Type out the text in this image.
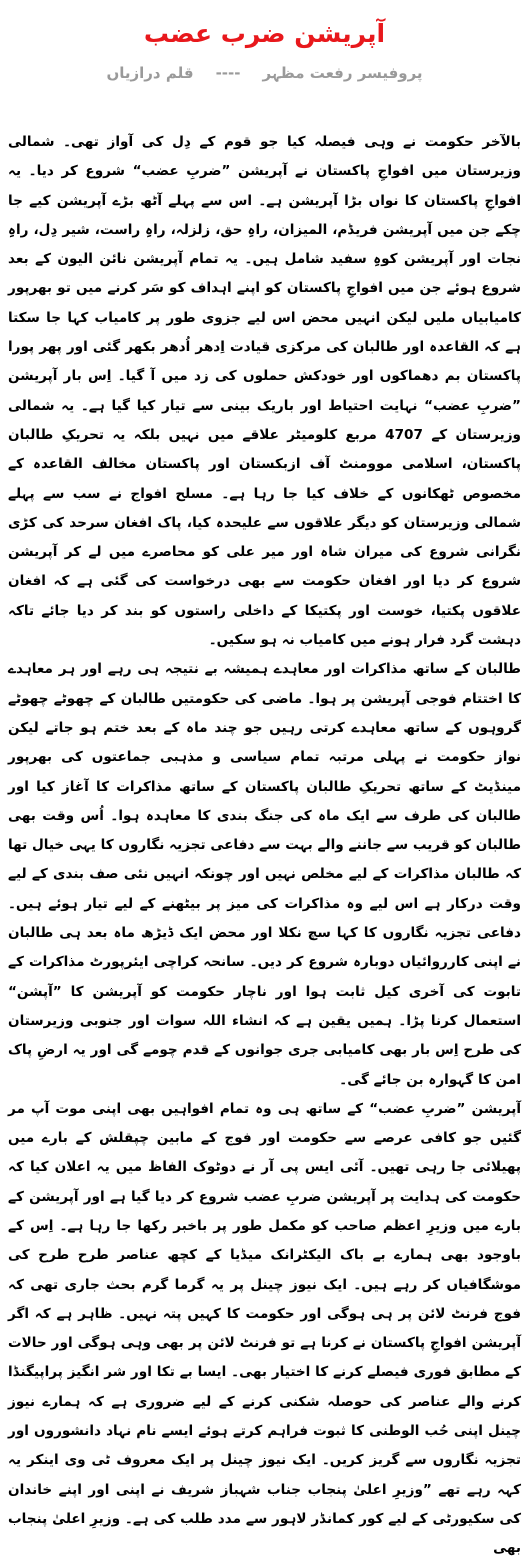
آپریشن ضرب عضب
پروفیسر رفعت مظہر
----
قلم درازیاں

بالآخر حکومت نے وہی فیصلہ کیا جو قوم کے دِل کی آواز تھی۔ شمالی وزیرستان میں افواجِ پاکستان نے آپریشن ”ضربِ عضب“ شروع کر دیا۔ یہ افواجِ پاکستان کا نواں بڑا آپریشن ہے۔ اس سے پہلے آٹھ بڑے آپریشن کیے جا چکے جن میں آپریشن فریڈم، المیزان، راہِ حق، زلزلہ، راہِ راست، شیر دِل، راہِ نجات اور آپریشن کوہِ سفید شامل ہیں۔ یہ تمام آپریشن نائن الیون کے بعد شروع ہوئے جن میں افواجِ پاکستان کو اپنے اہداف کو سَر کرنے میں تو بھرپور کامیابیاں ملیں لیکن انہیں محض اس لیے جزوی طور پر کامیاب کہا جا سکتا ہے کہ القاعدہ اور طالبان کی مرکزی قیادت اِدھر اُدھر بکھر گئی اور پھر پورا پاکستان بم دھماکوں اور خودکش حملوں کی زد میں آ گیا۔ اِس بار آپریشن ”ضربِ عضب“ نہایت احتیاط اور باریک بینی سے تیار کیا گیا ہے۔ یہ شمالی وزیرستان کے 4707 مربع کلومیٹر علاقے میں نہیں بلکہ یہ تحریکِ طالبان پاکستان، اسلامی موومنٹ آف ازبکستان اور پاکستان مخالف القاعدہ کے مخصوص ٹھکانوں کے خلاف کیا جا رہا ہے۔ مسلح افواج نے سب سے پہلے شمالی وزیرستان کو دیگر علاقوں سے علیحدہ کیا، پاک افغان سرحد کی کڑی نگرانی شروع کی میران شاہ اور میر علی کو محاصرے میں لے کر آپریشن شروع کر دیا اور افغان حکومت سے بھی درخواست کی گئی ہے کہ افغان علاقوں پکتیا، خوست اور پکتیکا کے داخلی راستوں کو بند کر دیا جائے تاکہ دہشت گرد فرار ہونے میں کامیاب نہ ہو سکیں۔

طالبان کے ساتھ مذاکرات اور معاہدے ہمیشہ بے نتیجہ ہی رہے اور ہر معاہدے کا اختتام فوجی آپریشن پر ہوا۔ ماضی کی حکومتیں طالبان کے چھوٹے چھوٹے گروہوں کے ساتھ معاہدے کرتی رہیں جو چند ماہ کے بعد ختم ہو جاتے لیکن نواز حکومت نے پہلی مرتبہ تمام سیاسی و مذہبی جماعتوں کی بھرپور مینڈیٹ کے ساتھ تحریکِ طالبان پاکستان کے ساتھ مذاکرات کا آغاز کیا اور طالبان کی طرف سے ایک ماہ کی جنگ بندی کا معاہدہ ہوا۔ اُس وقت بھی طالبان کو قریب سے جاننے والے بہت سے دفاعی تجزیہ نگاروں کا یہی خیال تھا کہ طالبان مذاکرات کے لیے مخلص نہیں اور چونکہ انہیں نئی صف بندی کے لیے وقت درکار ہے اس لیے وہ مذاکرات کی میز پر بیٹھنے کے لیے تیار ہوئے ہیں۔ دفاعی تجزیہ نگاروں کا کہا سچ نکلا اور محض ایک ڈیڑھ ماہ بعد ہی طالبان نے اپنی کارروائیاں دوبارہ شروع کر دیں۔ سانحہ کراچی ایئرپورٹ مذاکرات کے تابوت کی آخری کیل ثابت ہوا اور ناچار حکومت کو آپریشن کا ”آپشن“ استعمال کرنا پڑا۔ ہمیں یقین ہے کہ انشاء اللہ سوات اور جنوبی وزیرستان کی طرح اِس بار بھی کامیابی جری جوانوں کے قدم چومے گی اور یہ ارضِ پاک امن کا گہوارہ بن جائے گی۔

آپریشن ”ضربِ عضب“ کے ساتھ ہی وہ تمام افواہیں بھی اپنی موت آپ مر گئیں جو کافی عرصے سے حکومت اور فوج کے مابین چپقلش کے بارے میں پھیلائی جا رہی تھیں۔ آئی ایس پی آر نے دوٹوک الفاظ میں یہ اعلان کیا کہ حکومت کی ہدایت پر آپریشن ضربِ عضب شروع کر دیا گیا ہے اور آپریشن کے بارے میں وزیرِ اعظم صاحب کو مکمل طور پر باخبر رکھا جا رہا ہے۔ اِس کے باوجود بھی ہمارے بے باک الیکٹرانک میڈیا کے کچھ عناصر طرح طرح کی موشگافیاں کر رہے ہیں۔ ایک نیوز چینل پر یہ گرما گرم بحث جاری تھی کہ فوج فرنٹ لائن پر ہی ہوگی اور حکومت کا کہیں پتہ نہیں۔ ظاہر ہے کہ اگر آپریشن افواجِ پاکستان نے کرنا ہے تو فرنٹ لائن پر بھی وہی ہوگی اور حالات کے مطابق فوری فیصلے کرنے کا اختیار بھی۔ ایسا بے تکا اور شر انگیز پراپیگنڈا کرنے والے عناصر کی حوصلہ شکنی کرنے کے لیے ضروری ہے کہ ہمارے نیوز چینل اپنی حُب الوطنی کا ثبوت فراہم کرتے ہوئے ایسے نام نہاد دانشوروں اور تجزیہ نگاروں سے گریز کریں۔ ایک نیوز چینل پر ایک معروف ٹی وی اینکر یہ کہہ رہے تھے ”وزیرِ اعلیٰ پنجاب جناب شہباز شریف نے اپنی اور اپنے خاندان کی سکیورٹی کے لیے کور کمانڈر لاہور سے مدد طلب کی ہے۔ وزیرِ اعلیٰ پنجاب بھی
